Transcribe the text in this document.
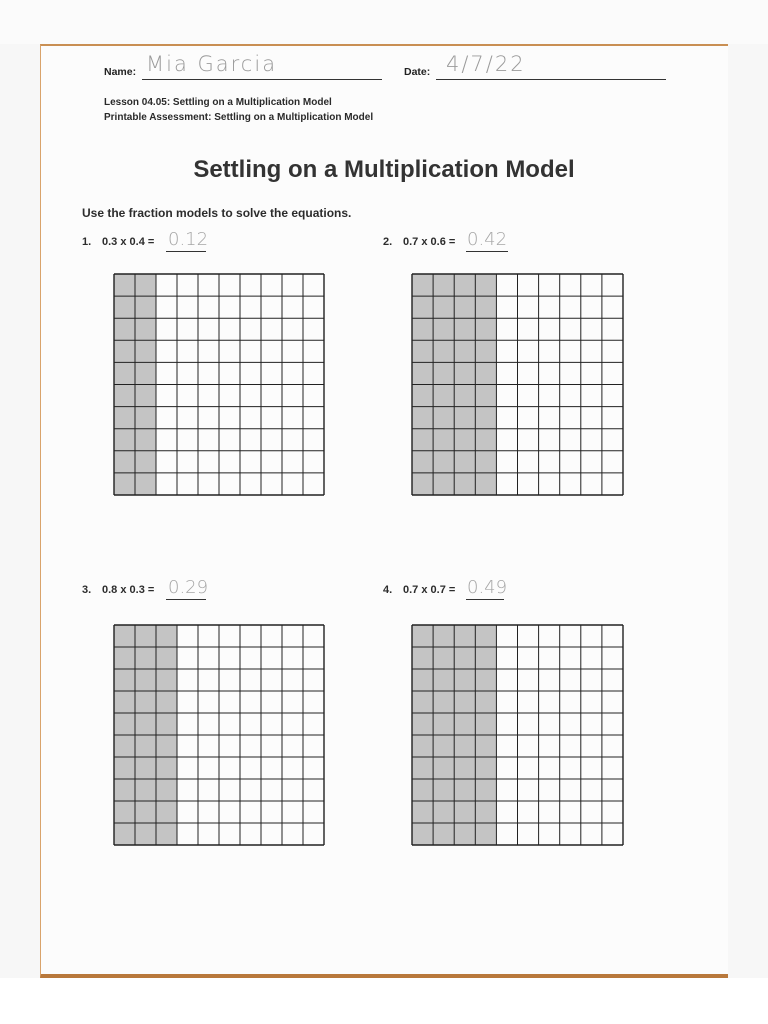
Name: Mia Garcia	Date: 4/7/22
Lesson 04.05: Settling on a Multiplication Model
Printable Assessment: Settling on a Multiplication Model
Settling on a Multiplication Model
Use the fraction models to solve the equations.
1. 0.3 x 0.4 = 0.12	2. 0.7 x 0.6 = 0.42
3. 0.8 x 0.3 = 0.29	4. 0.7 x 0.7 = 0.49
